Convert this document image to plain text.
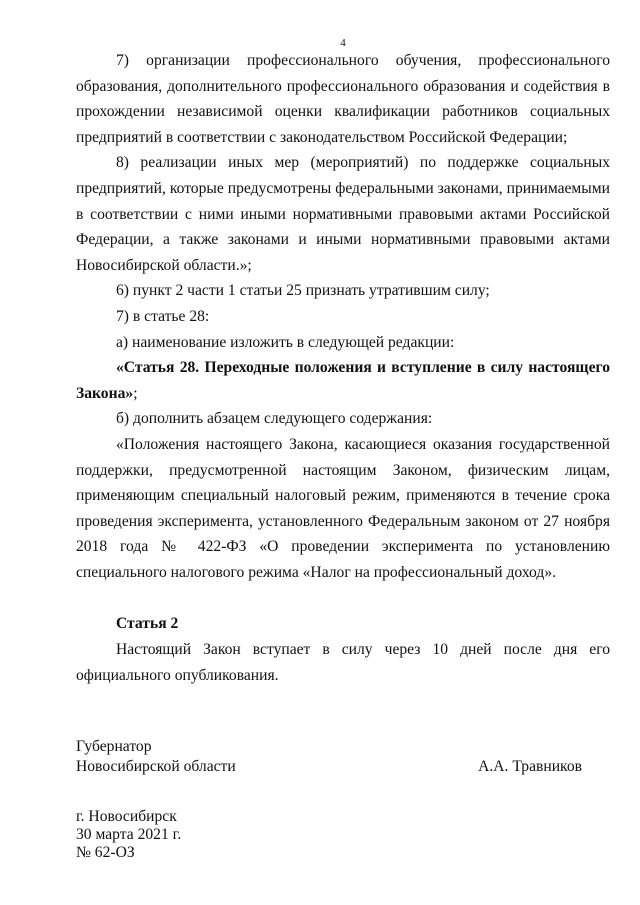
4

7) организации профессионального обучения, профессионального образования, дополнительного профессионального образования и содействия в прохождении независимой оценки квалификации работников социальных предприятий в соответствии с законодательством Российской Федерации;

8) реализации иных мер (мероприятий) по поддержке социальных предприятий, которые предусмотрены федеральными законами, принимаемыми в соответствии с ними иными нормативными правовыми актами Российской Федерации, а также законами и иными нормативными правовыми актами Новосибирской области.»;

6) пункт 2 части 1 статьи 25 признать утратившим силу;

7) в статье 28:

а) наименование изложить в следующей редакции:

«Статья 28. Переходные положения и вступление в силу настоящего Закона»;

б) дополнить абзацем следующего содержания:

«Положения настоящего Закона, касающиеся оказания государственной поддержки, предусмотренной настоящим Законом, физическим лицам, применяющим специальный налоговый режим, применяются в течение срока проведения эксперимента, установленного Федеральным законом от 27 ноября 2018 года № 422-ФЗ «О проведении эксперимента по установлению специального налогового режима «Налог на профессиональный доход».

Статья 2

Настоящий Закон вступает в силу через 10 дней после дня его официального опубликования.

Губернатор
Новосибирской области	А.А. Травников
г. Новосибирск
30 марта 2021 г.
№ 62-ОЗ
